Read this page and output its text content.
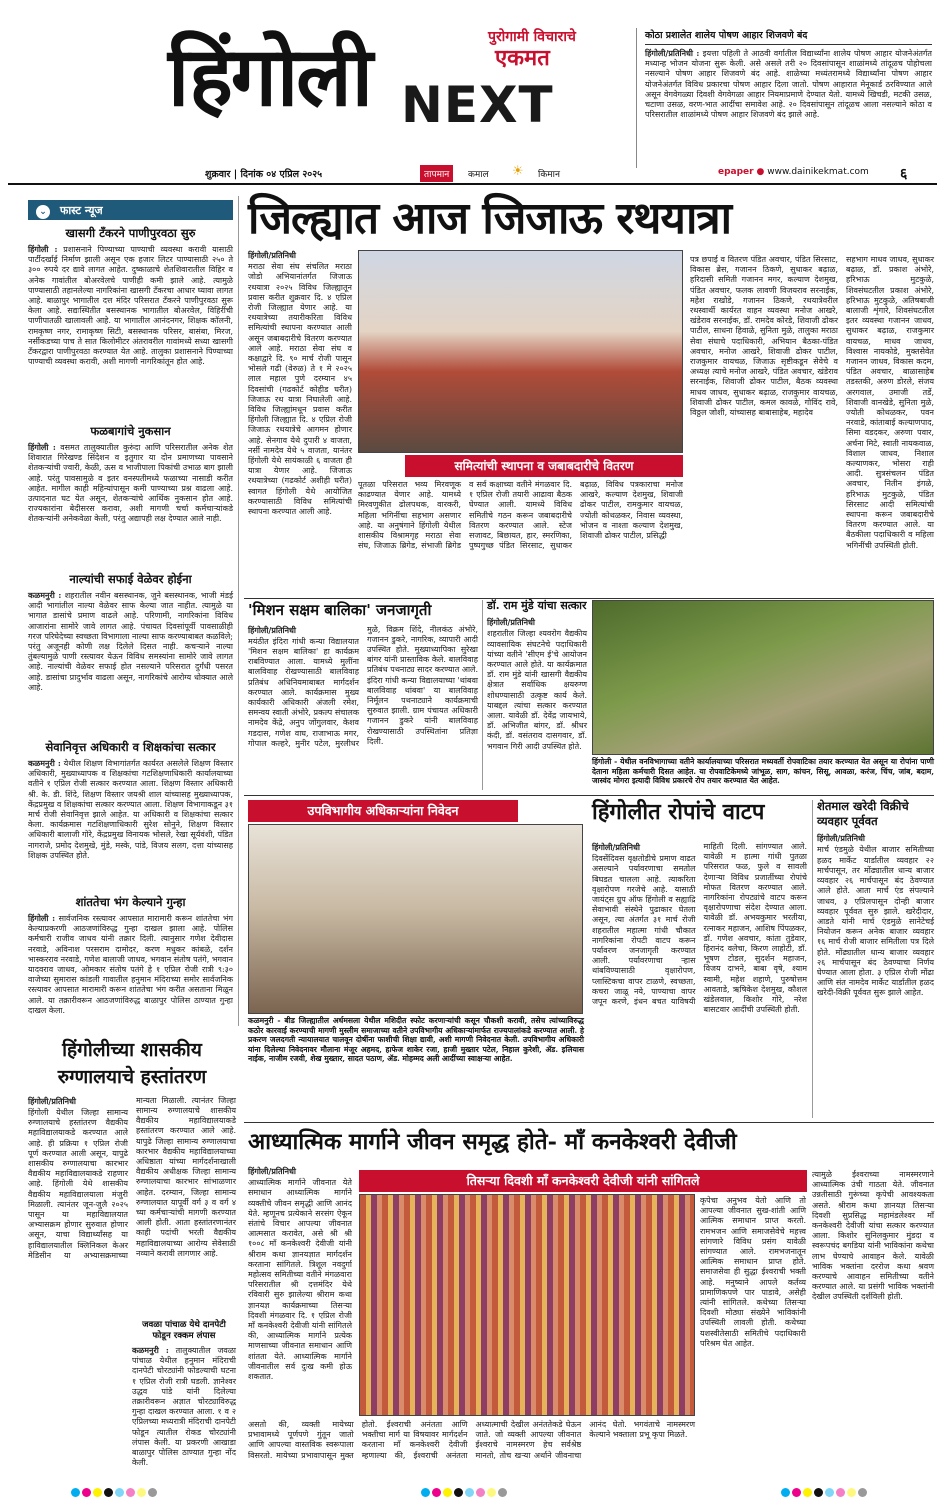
हिंगोली	पुरोगामी विचाराचे
एकमत
NEXT
कोठा प्रशालेत शालेय पोषण आहार शिजवणे बंद
हिंगोली/प्रतिनिधी : इयत्ता पहिली ते आठवी वर्गातील विद्यार्थ्यांना शालेय पोषण आहार योजनेअंतर्गत मध्यान्ह भोजन योजना सुरू केली. असे असले तरी २० दिवसांपासून शाळांमध्ये तांदूळच पोहोचला नसल्याने पोषण आहार शिजवणे बंद आहे. शाळेच्या मध्यंतरामध्ये विद्यार्थ्यांना पोषण आहार योजनेअंतर्गत विविध प्रकारचा पोषण आहार दिला जातो. पोषण आहारात मेनूकार्ड ठरविण्यात आले असून वेगवेगळ्या दिवशी वेगवेगळा आहार नियमाप्रमाणे देण्यात येतो. यामध्ये खिचडी, मटकी उसळ, चटाणा उसळ, वरण-भात आदींचा समावेश आहे. २० दिवसांपासून तांदूळच आला नसल्याने कोठा व परिसरातील शाळांमध्ये पोषण आहार शिजवणे बंद झाले आहे.
शुक्रवार | दिनांक ०४ एप्रिल २०२५	तापमान	कमाल ☀ किमान	epaper ● www.dainikekmat.com ६
⌄ फास्ट न्यूज
खासगी टँकरने पाणीपुरवठा सुरु
हिंगोली : प्रशासनाने पिण्याच्या पाण्याची व्यवस्था करावी यासाठी पार्टीदर्खाई निर्माण झाली असून एक हजार लिटर पाण्यासाठी २५० ते ३०० रुपये दर द्यावे लागत आहेत. दुष्काळाचे शेतशिवारातील विहिर व अनेक गावांतील बोअरवेलचे पाणीही कमी झाले आहे. त्यामुळे पाण्यासाठी तहानलेल्या नागरिकांना खासगी टँकरचा आधार घ्यावा लागत आहे. बाळापुर भागातील दत्त मंदिर परिसरात टँकरने पाणीपुरवठा सुरू केला आहे. सद्यःस्थितीत बसस्थानक भागातील बोअरवेल, विहिरींची पाणीपातळी खालावली आहे. या भागातील आनंदनगर, शिक्षक कॉलनी, रामकृष्ण नगर, रामाकृष्ण सिटी, बसस्थानक परिसर, बासंबा, मिरज, नर्सीकडच्या पाच ते सात किलोमीटर अंतरावरील गावांमध्ये सध्या खासगी टँकरद्वारा पाणीपुरवठा करण्यात येत आहे. तालुका प्रशासनाने पिण्याच्या पाण्याची व्यवस्था करावी, अशी मागणी नागरिकांतून होत आहे.
फळबागांचे नुकसान
हिंगोली : वसमत तालुक्यातील कुरुंदा आणि परिसरातील अनेक शेत शिवारात गिरेखण्ड सिंदेशन व इतुगार या दोन प्रमाणच्या पावसाने शेतकऱ्यांची ज्वारी, केळी, ऊस व भाजीपाला पिकांची उभाळ बाग झाली आहे. परंतु पावसामुळे व इतर वनस्पतीमध्ये फळाच्या नासाडी करीत आहेत. मागील काही महिन्यांपासून कमी पाण्याच्या प्रश्न वाढला आहे. उत्पादनात घट येत असून, शेतकऱ्यांचे आर्थिक नुकसान होत आहे. राज्यकारांना बेदीसरस करावा, अशी मागणी चर्चा कर्मचाऱ्यांकडे शेतकऱ्यांनी अनेकवेळा केली, परंतु अद्यापही लक्ष देण्यात आले नाही.
नाल्यांची सफाई वेळेवर होईना
कळमनुरी : शहरातील नवीन बसस्थानक, जुने बसस्थानक, भाजी मंडई आदी भागांतील नाल्या वेळेवर साफ केल्या जात नाहीत. त्यामुळे या भागात डासांचे प्रमाण वाढले आहे. परिणामी, नागरिकांना विविध आजारांना सामोरे जावे लागत आहे. पंचायत दिवसांपूर्वी पावसाळीही गरज परिघेदेच्या स्वच्छता विभागाला नाल्या साफ करण्याबाबत कळविले; परंतु अजूनही कोणी लक्ष दिलेले दिसत नाही. कचऱ्याने नाल्या तुंबल्यामुळे पाणी रस्त्यावर येऊन विविध समस्यांना सामोरे जावे लागत आहे. नाल्यांची वेळेवर सफाई होत नसल्याने परिसरात दुर्गंधी पसरत आहे. डासांचा प्रादुर्भाव वाढला असून, नागरिकांचे आरोग्य धोक्यात आले आहे.
सेवानिवृत्त अधिकारी व शिक्षकांचा सत्कार
कळमनुरी : येथील शिक्षण विभागांतर्गत कार्यरत असलेले शिक्षण विस्तार अधिकारी, मुख्याध्यापक व शिक्षकांचा गटशिक्षणाधिकारी कार्यालयाच्या वतीने १ एप्रिल रोजी सत्कार करण्यात आला. शिक्षण विस्तार अधिकारी श्री. के. डी. शिंदे, शिक्षण विस्तार जयश्री शाल यांच्यासह मुख्याध्यापक, केंद्रप्रमुख व शिक्षकांचा सत्कार करण्यात आला. शिक्षण विभागाकडून ३१ मार्च रोजी सेवानिवृत्त झाले आहेत. या अधिकारी व शिक्षकांचा सत्कार केला. कार्यक्रमास गटशिक्षणाधिकारी सुरेश सोनुने, शिक्षण विस्तार अधिकारी बालाजी गोरे, केंद्रप्रमुख विनायक भोसले, रेखा सूर्यवंशी, पंडित नागराजे, प्रमोद देशमुखे, मुंडे, मस्के, पांडे, विजय सलग, दत्ता यांच्यासह शिक्षक उपस्थित होते.
शांततेचा भंग केल्याने गुन्हा
हिंगोली : सार्वजनिक रस्त्यावर आपसात मारामारी करून शांततेचा भंग केल्याप्रकरणी आठजणांविरुद्ध गुन्हा दाखल झाला आहे. पोलिस कर्मचारी राजीव जाधव यांनी तक्रार दिली. त्यानुसार गणेश देवीदास नरवाडे, अविनाश परसराम दामोदर, करण मधुकर कांबळे, दर्शन भास्करराव नरवाडे, गणेश बालाजी जाधव, भगवान संतोष पतंगे, भगवान यादवराव जाधव, ओमकार संतोष पतंगे हे १ एप्रिल रोजी रात्री ९:३० वाजेच्या सुमारास कांडली गावातील हनुमान मंदिराच्या समोर सार्वजनिक रस्त्यावर आपसात मारामारी करून शांततेचा भंग करीत असताना मिळून आले. या तक्रारीवरून आठजणांविरुद्ध बाळापुर पोलिस ठाण्यात गुन्हा दाखल केला.
हिंगोलीच्या शासकीय
रुग्णालयाचे हस्तांतरण
हिंगोली/प्रतिनिधी
हिंगोली येथील जिल्हा सामान्य रुग्णालयाचे हस्तांतरण वैद्यकीय महाविद्यालयाकडे करण्यात आले आहे. ही प्रक्रिया १ एप्रिल रोजी पूर्ण करण्यात आली असून, यापुढे शासकीय रुग्णालयाचा कारभार वैद्यकीय महाविद्यालयाकडे राहणार आहे. हिंगोली येथे शासकीय वैद्यकीय महाविद्यालयाला मंजुरी मिळाली. त्यानंतर जून-जुलै २०२५ पासून या महाविद्यालयात अभ्यासक्रम होणार सुरुवात होणार असून, याचा विद्यार्थ्यांसह या हाविद्यालयातील क्लिनिकल केअर मेडिसीन या अभ्यासक्रमाच्या मान्यता मिळाली. त्यानंतर जिल्हा सामान्य रुग्णालयाचे शासकीय वैद्यकीय महाविद्यालयाकडे हस्तांतरण करण्यात आले आहे. यापुढे जिल्हा सामान्य रुग्णालयाचा कारभार वैद्यकीय महाविद्यालयाच्या अधिष्ठाता यांच्या मार्गदर्शनाखाली वैद्यकीय अधीक्षक जिल्हा सामान्य रुग्णालयाचा कारभार सांभाळणार आहेत. दरम्यान, जिल्हा सामान्य रुग्णालयात यापूर्वी वर्ग ३ व वर्ग ४ च्या कर्मचाऱ्यांची मागणी करण्यात आली होती. आता हस्तांतरणानंतर काही पदांची भरती वैद्यकीय महाविद्यालयाच्या आरोग्य सेवेसाठी नव्याने करावी लागणार आहे.
जवळा पांचाळ येथे दानपेटी फोडून रक्कम लंपास
कळमनुरी : तालुक्यातील जवळा पांचाळ येथील हनुमान मंदिराची दानपेटी चोरट्यांनी फोडल्याची घटना १ एप्रिल रोजी रात्री घडली. ज्ञानेश्वर उद्धव पांडे यांनी दिलेल्या तक्रारीवरून अज्ञात चोरट्याविरुद्ध गुन्हा दाखल करण्यात आला. १ व २ एप्रिलच्या मध्यरात्री मंदिराची दानपेटी फोडून त्यातील रोकड चोरट्यांनी लंपास केली. या प्रकरणी आखाडा बाळापुर पोलिस ठाण्यात गुन्हा नोंद केली.
जिल्ह्यात आज जिजाऊ रथयात्रा
हिंगोली/प्रतिनिधी
मराठा सेवा संघ संचलित मराठा जोडो अभियानांतर्गत जिजाऊ रथयात्रा २०२५ विविध जिल्ह्यातून प्रवास करीत शुक्रवार दि. ४ एप्रिल रोजी जिल्ह्यात येणार आहे. या रथयात्रेच्या तयारीकरिता विविध समित्यांची स्थापना करण्यात आली असून जबाबदारीचे वितरण करण्यात आले आहे. मराठा सेवा संघ व कक्षाद्वारे दि. ९० मार्च रोजी पासून भोसले गढी (वेरुळ) ते १ मे २०२५ लाल महाल पुणे दरम्यान ४५ दिवसांची (गढकोर्ट कोहीड घरीत) जिजाऊ रथ यात्रा निघालेली आहे. विविध जिल्ह्यांमधून प्रवास करीत हिंगोली जिल्ह्यात दि. ४ एप्रिल रोजी जिजाऊ रथयात्रेचे आगमन होणार आहे. सेनगाव येथे दुपारी ४ वाजता, नर्सी नामदेव येथे ५ वाजता, यानंतर हिंगोली येथे सायंकाळी ६ वाजता ही यात्रा येणार आहे. जिजाऊ रथयात्रेच्या (गढकोर्ट अशीही घरीत) स्वागत हिंगोली येथे आयोजित करण्यासाठी विविध समित्यांची स्थापना करण्यात आली आहे.
समित्यांची स्थापना व जबाबदारीचे वितरण
पूतळा परिसरात भव्य मिरवणूक काढण्यात येणार आहे. यामध्ये मिरवणुकीत ढोलपथक, वारकरी, महिला भगिनींचा सहभाग असणार आहे. या अनुषंगाने हिंगोली येथील शासकीय विश्रामगृह मराठा सेवा संघ, जिजाऊ ब्रिगेड, संभाजी ब्रिगेड व सर्व कक्षाच्या वतीने मंगळवार दि. १ एप्रिल रोजी तयारी आढावा बैठक घेण्यात आली. यामध्ये विविध समितीचे गठन करून जबाबदारीचे वितरण करण्यात आले. स्टेज सजावट, बिछायत, हार, स्मरणिका, पुष्पगुच्छ पंडित सिरसाट, सुधाकर बढ़ाळ, विविध पत्रकाराचा मनोज आखरे, कल्याण देशमुख, शिवाजी ढोकर पाटील, रामकुमार वायचळ, ज्योती कोथळकर, निवास व्यवस्था, भोजन व नाश्ता कल्याण देशमुख, शिवाजी ढोकर पाटील, प्रसिद्धी
पत्र छपाई व वितरण पंडित अवचार, पंडित सिरसाट, विकास ब्रेस, गजानन ठिकणे, सुधाकर बढ़ाळ, हरिदासी समिती गजानन मगर, कल्याण देशमुख, पंडित अवचार, फलक लावणी विजयराव सरनाईक, महेश राखोडे, गजानन ठिकणे, रथयात्रेवरील रथस्वार्थी कार्यरत वाहन व्यवस्था मनोज आखरे, खंडेराव सरनाईक, डॉ. रामदेव कोरडे, शिवाजी ढोकर पाटील, साधना हिवाळे, सुनिता मुळे, तालुका मराठा सेवा संघाचे पदाधिकारी, अभियान बैठका-पंडित अवचार, मनोज आखरे, शिवाजी ढोकर पाटील, राजकुमार वायचळ, जिजाऊ सृष्टीकडून सेवेचे व अध्यक्ष त्याचे मनोज आखरे, पंडित अवचार, खंडेराव सरनाईक, शिवाजी ढोकर पाटील, बैठक व्यवस्था माधव जाधव, सुधाकर बढ़ाळ, राजकुमार वायचळ, शिवाजी ढोकर पाटील, कमल कावळे, गोविंद रावे, विठ्ठल जोशी, यांच्यासह बाबासाहेब, महादेव
सहभाग माधव जाधव, सुधाकर बढ़ाळ, डॉ. प्रकाश अंभोरे, हरिभाऊ मुटकुळे, शिवसंघटतील प्रकाश अंभोरे, हरिभाऊ मुटकुळे, अतिषबाजी बालाजी शृंगारे, शिवसंघटतील इतर व्यवस्था गजानन जाधव, सुधाकर बढ़ाळ, राजकुमार वायचळ, माधव जाधव, विश्वास नायकोडे, मुक्तसेवेत गजानन जाधव, विकास कदम, पंडित अवचार, बाळासाहेब तडस्तकी, अरुण डोरले, संजय अरगवाल, उमाजी तर्डे, शिवाजी वानखेडे, सुनिता मुळे, ज्योती कोथळकर, पवन नरवाडे, कांताबाई कल्याणपाद, सिमा वडदकर, अरुणा पवार, अर्चना मिटे, स्वाती नायकवाळ, विशाल जाधव, निशाल कल्याणकर, भोसरा राही आदी. सुत्रसंचलन पंडित अवचार, नितीन इंगळे, हरिभाऊ मुटकुळे, पंडित सिरसाट आदी समित्यांची स्थापना करून जबाबदारीचे वितरण करण्यात आले. या बैठकीला पदाधिकारी व महिला भगिनींची उपस्थिती होती.
'मिशन सक्षम बालिका' जनजागृती
हिंगोली/प्रतिनिधी
मयंठीत इंदिरा गांधी कन्या विद्यालयात 'मिशन सक्षम बालिका' हा कार्यक्रम राबविण्यात आला. यामध्ये मुलींना बालविवाह रोखण्यासाठी बालविवाह प्रतिबंध अधिनियमाबाबत मार्गदर्शन करण्यात आले. कार्यक्रमास मुख्य कार्यकारी अधिकारी अंजली रमेश, समन्वय स्वाती अंभोरे, प्रकल्प संचालक नामदेव केंद्रे, अनुप जोंगुलवार, केशव गडदास, गणेश वाघ, राजाभाऊ मगर, गोपाल कल्हरे, मुनीर पटेल, मुरलीधर मुळे, विक्रम शिंदे, नीलकंठ अंभोरे, गजानन डुकरे, नागरिक, व्यापारी आदी उपस्थित होते. मुख्याध्यापिका सुरेखा बांगर यांनी प्रास्ताविक केले. बालविवाह प्रतिबंध पथनाट्य सादर करण्यात आले. इंदिरा गांधी कन्या विद्यालयाच्या 'थांबवा बालविवाह थांबवा' या बालविवाह निर्मूलन पथनाट्याने कार्यक्रमाची सुरुवात झाली. ग्राम पंचायत अधिकारी गजानन डुकरे यांनी बालविवाह रोखण्यासाठी उपस्थितांना प्रतिज्ञा दिली.
डॉ. राम मुंडे यांचा सत्कार
हिंगोली/प्रतिनिधी
शहरातील जिल्हा श्यवरोग वैद्यकीय व्यावसायिक संघटनेचे पदाधिकारी यांच्या वतीने 'सीएम ई'चे आयोजन करण्यात आले होते. या कार्यक्रमात डॉ. राम मुंडे यांनी खासगी वैद्यकीय क्षेत्रात सर्वाधिक क्षयरुग्ण शोधण्यासाठी उत्कृष्ट कार्य केले. याबद्दल त्यांचा सत्कार करण्यात आला. यावेळी डॉ. देवेंद्र जायभाये, डॉ. अभिजीत बांगर, डॉ. श्रीधर कंदी, डॉ. वसंतराव दासगवार, डॉ. भगवान गिरी आदी उपस्थित होते.
हिंगोली - येथील वनविभागाच्या वतीने कार्यालयाच्या परिसरात मध्यवर्ती रोपवाटिका तयार करण्यात येत असून या रोपांना पाणी देताना महिला कर्मचारी दिसत आहेत. या रोपवाटिकेमध्ये जांभूळ, साग, कांचन, सिसू, आवळा, करंज, चिंच, जांब, बदाम, जास्वंद मोगरा इत्यादी विविध प्रकारचे रोप तयार करण्यात येत आहेत.
उपविभागीय अधिकाऱ्यांना निवेदन
कळमनुरी - बीड जिल्ह्यातील अर्धमसला येथील मशिदीत स्फोट करणाऱ्यांची कसून चौकशी करावी, तसेच त्यांच्याविरुद्ध कठोर कारवाई करण्याची मागणी मुस्लीम समाजाच्या वतीने उपविभागीय अधिकाऱ्यांमार्फत राज्यपालांकडे करण्यात आली. हे प्रकरण जलदगती न्यायालयात चालवून दोषींना फाशीची शिक्षा द्यावी, अशी मागणी निवेदनात केली. उपविभागीय अधिकारी यांना दिलेल्या निवेदनावर मौलाना मंजूर अहमद, हाफेज शाकेर रजा, हाजी मुख्तार पटेल, निहाल कुरेशी, ॲड. इलियास नाईक, नाजीम रजवी, शेख मुख्तार, सादत पठाण, ॲड. मोहम्मद अली आदींच्या स्वाक्षऱ्या आहेत.
हिंगोलीत रोपांचे वाटप
हिंगोली/प्रतिनिधी
दिवसेंदिवस वृक्षतोडीचे प्रमाण वाढत असल्याने पर्यावरणाचा समतोल बिघडत चालला आहे. त्याकरिता वृक्षारोपण गरजेचे आहे. यासाठी जायंट्स ग्रुप ऑफ हिंगोली व सह्याद्रि सेवाभावी संस्थेने पुढाकार घेतला असून, त्या अंतर्गत ३१ मार्च रोजी शहरातील महात्मा गांधी चौकात नागरिकांना रोपटी वाटप करून पर्यावरण जनजागृती करण्यात आली. पर्यावरणाचा ऱ्हास थांबविण्यासाठी वृक्षारोपण, प्लास्टिकचा वापर टाळणे, स्वच्छता, कचरा जाळू नये, पाण्याचा वापर जपून करणे, इंधन बचत याविषयी माहिती दिली. सांगण्यात आले. यावेळी म हात्मा गांधी पुतळा परिसरात फळ, फुले व सावली देणाऱ्या विविध प्रजातींच्या रोपांचे मोफत वितरण करण्यात आले. नागरिकांना रोपट्यांचे वाटप करून वृक्षारोपणाचा संदेश देण्यात आला. यावेळी डॉ. अभयकुमार भरतीया, रत्नाकर महाजन, आशिष पिंपळकर, डॉ. गणेश अवचार, कांता तुडेवार, हिरानंद वलेचा, किरण लाहोटी, डॉ. भूषण टोडल, सुदर्शन महाजन, विजय दाभने, बाबा वृषे, श्याम स्वामी, महेश शहाणे, पुरुषोत्तम आवताडे, ऋषिकेश देशमुख, कौशल खंडेलवाल, किशोर गोरे, नरेश बासटवार आदींची उपस्थिती होती.
शेतमाल खरेदी विक्रीचे
व्यवहार पूर्ववत
हिंगोली/प्रतिनिधी
मार्च एंडमुळे येथील बाजार समितीच्या हळद मार्केट यार्डातील व्यवहार २२ मार्चपासून, तर मोंढ्यातील धान्य बाजार व्यवहार २६ मार्चपासून बंद ठेवण्यात आले होते. आता मार्च एंड संपल्याने जाधव, ३ एप्रिलपासून दोन्ही बाजार व्यवहार पूर्ववत सुरु झाले. खरेदीदार, आडते यांनी मार्च एंडमुळे सानेटेचई नियोजन करून अनेक बाजार व्यवहार १६ मार्च रोजी बाजार समितीला पत्र दिले होते. मोंढ्यातील धान्य बाजार व्यवहार २६ मार्चपासून बंद ठेवण्याचा निर्णय घेण्यात आला होता. ३ एप्रिल रोजी मोंढा आणि संत नामदेव मार्केट यार्डातील हळद खरेदी-विक्री पूर्ववत सुरू झाले आहेत.
आध्यात्मिक मार्गाने जीवन समृद्ध होते- माँ कनकेश्वरी देवीजी
हिंगोली/प्रतिनिधी
आध्यात्मिक मार्गाने जीवनात येते समाधान आध्यात्मिक मार्गाने व्यक्तीचे जीवन समृद्धी आणि आनंद येते. म्हणूनच प्रत्येकाने सरसंग ऐकून संतांचे विचार आपल्या जीवनात आत्मसात करावेत, असे श्री श्री १००८ माँ कनकेश्वरी देवीजी यांनी श्रीराम कथा ज्ञानयज्ञात मार्गदर्शन करताना सांगितले. त्रिशूल नवदुर्गा महोत्सव समितीच्या वतीने मंगळवारा परिसरातील श्री दत्तमंदिर येथे रविवारी सुरु झालेल्या श्रीराम कथा ज्ञानयज्ञ कार्यक्रमाच्या तिसऱ्या दिवशी मंगळवार दि. १ एप्रिल रोजी माँ कनकेश्वरी देवीजी यांनी सांगितले की, आध्यात्मिक मार्गाने प्रत्येक माणसाच्या जीवनात समाधान आणि शांतता येते. आध्यात्मिक मार्गाने जीवनातील सर्व दुःख कमी होऊ शकतात.
तिसऱ्या दिवशी माँ कनकेश्वरी देवीजी यांनी सांगितले
कृपेचा अनुभव येतो आणि तो आपल्या जीवनात सुख-शांती आणि आत्मिक समाधान प्राप्त करतो. रामभजन आणि समाजसेवेचे महत्त्व सांगणारे विविध प्रसंग यावेळी सांगण्यात आले. रामभजनातून आत्मिक समाधान प्राप्त होते. समाजसेवा ही सुद्धा ईश्वराची भक्ती आहे. मनुष्याने आपले कर्तव्य प्रामाणिकपणे पार पाडावे, असेही त्यांनी सांगितले. कथेच्या तिसऱ्या दिवशी मोठ्या संख्येने भाविकांनी उपस्थिती लावली होती. कथेच्या यशस्वीतेसाठी समितीचे पदाधिकारी परिश्रम घेत आहेत.
त्यामुळे ईश्वराच्या नामस्मरणाने आध्यात्मिक उंची गाठता येते. जीवनात उन्नतीसाठी गुरूंच्या कृपेची आवश्यकता असते. श्रीराम कथा ज्ञानयज्ञ तिसऱ्या दिवशी सुप्रसिद्ध महामंडलेश्वर माँ कनकेश्वरी देवीजी यांचा सत्कार करण्यात आला. किशोर सुनिलकुमार मुंडदा व स्वरूपचंद बगडिया यांनी भाविकांना कथेचा लाभ घेण्याचे आवाहन केले. यावेळी भाविक भक्तांना दररोज कथा श्रवण करण्याचे आवाहन समितीच्या वतीने करण्यात आले. या प्रसंगी भाविक भक्तांनी देखील उपस्थिती दर्शविली होती.
असतो की, व्यक्ती मायेच्या प्रभावामध्ये पूर्णपणे गुंतून जातो आणि आपल्या वास्तविक स्वरूपाला विसरतो. मायेच्या प्रभावापासून मुक्त होतो. ईश्वराची अनंतता आणि भक्तीचा मार्ग या विषयावर मार्गदर्शन करताना माँ कनकेश्वरी देवीजी म्हणाल्या की, ईश्वराची अनंतता अध्यात्माची देखील अनंततेकडे घेऊन जाते. जो व्यक्ती आपल्या जीवनात ईश्वराचे नामस्मरण हेच सर्वश्रेष्ठ मानतो, तोच खऱ्या अर्थाने जीवनाचा आनंद घेतो. भगवंताचे नामस्मरण केल्याने भक्ताला प्रभू कृपा मिळते.
